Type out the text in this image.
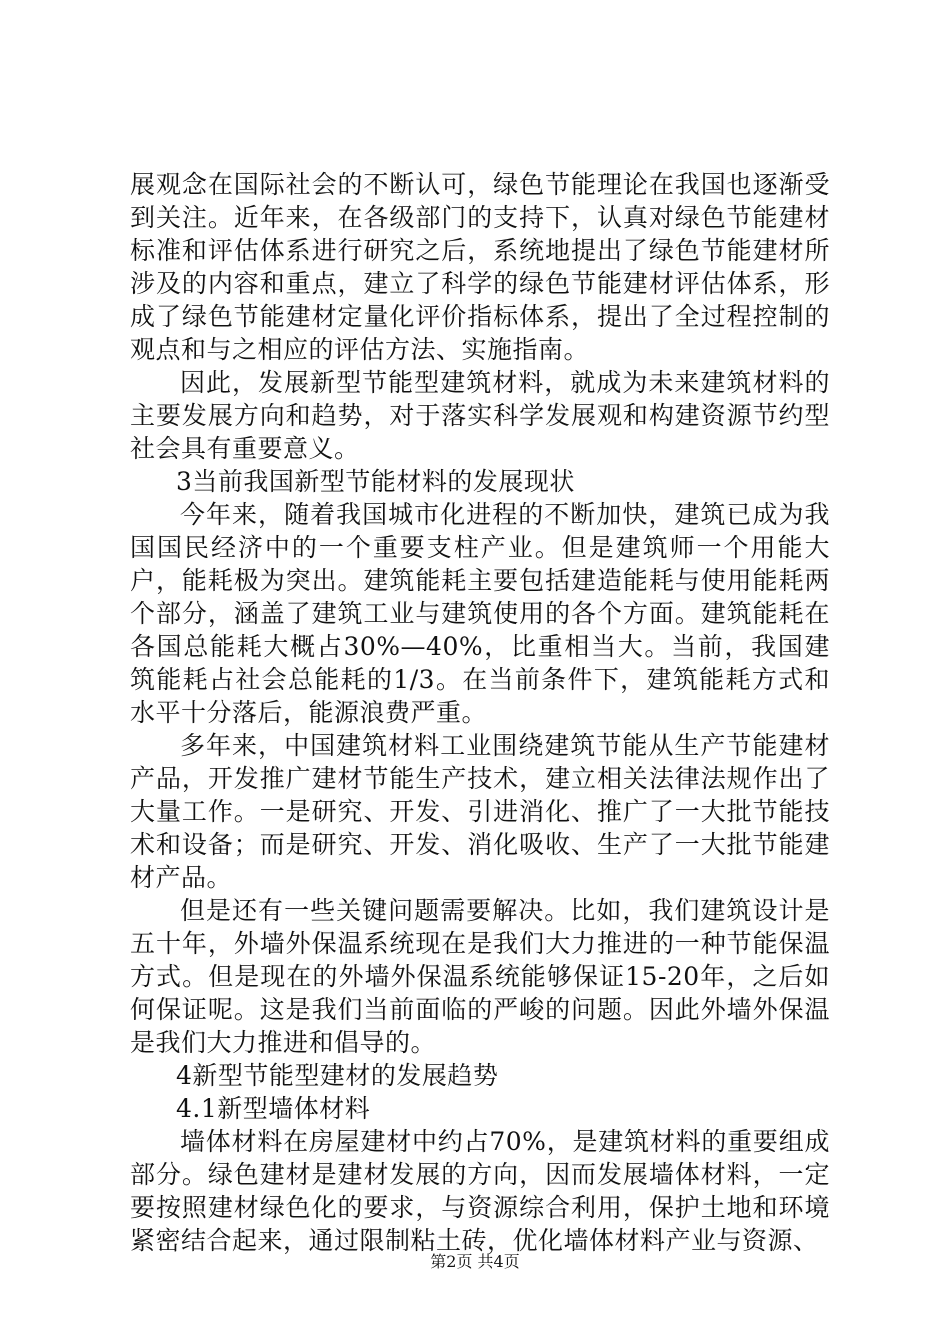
展观念在国际社会的不断认可，绿色节能理论在我国也逐渐受到关注。近年来，在各级部门的支持下，认真对绿色节能建材标准和评估体系进行研究之后，系统地提出了绿色节能建材所涉及的内容和重点，建立了科学的绿色节能建材评估体系，形成了绿色节能建材定量化评价指标体系，提出了全过程控制的观点和与之相应的评估方法、实施指南。

因此，发展新型节能型建筑材料，就成为未来建筑材料的主要发展方向和趋势，对于落实科学发展观和构建资源节约型社会具有重要意义。

3当前我国新型节能材料的发展现状

今年来，随着我国城市化进程的不断加快，建筑已成为我国国民经济中的一个重要支柱产业。但是建筑师一个用能大户，能耗极为突出。建筑能耗主要包括建造能耗与使用能耗两个部分，涵盖了建筑工业与建筑使用的各个方面。建筑能耗在各国总能耗大概占30%—40%，比重相当大。当前，我国建筑能耗占社会总能耗的1/3。在当前条件下，建筑能耗方式和水平十分落后，能源浪费严重。

多年来，中国建筑材料工业围绕建筑节能从生产节能建材产品，开发推广建材节能生产技术，建立相关法律法规作出了大量工作。一是研究、开发、引进消化、推广了一大批节能技术和设备；而是研究、开发、消化吸收、生产了一大批节能建材产品。

但是还有一些关键问题需要解决。比如，我们建筑设计是五十年，外墙外保温系统现在是我们大力推进的一种节能保温方式。但是现在的外墙外保温系统能够保证15-20年，之后如何保证呢。这是我们当前面临的严峻的问题。因此外墙外保温是我们大力推进和倡导的。

4新型节能型建材的发展趋势

4.1新型墙体材料

墙体材料在房屋建材中约占70%，是建筑材料的重要组成部分。绿色建材是建材发展的方向，因而发展墙体材料，一定要按照建材绿色化的要求，与资源综合利用，保护土地和环境紧密结合起来，通过限制粘土砖，优化墙体材料产业与资源、

第2页 共4页
